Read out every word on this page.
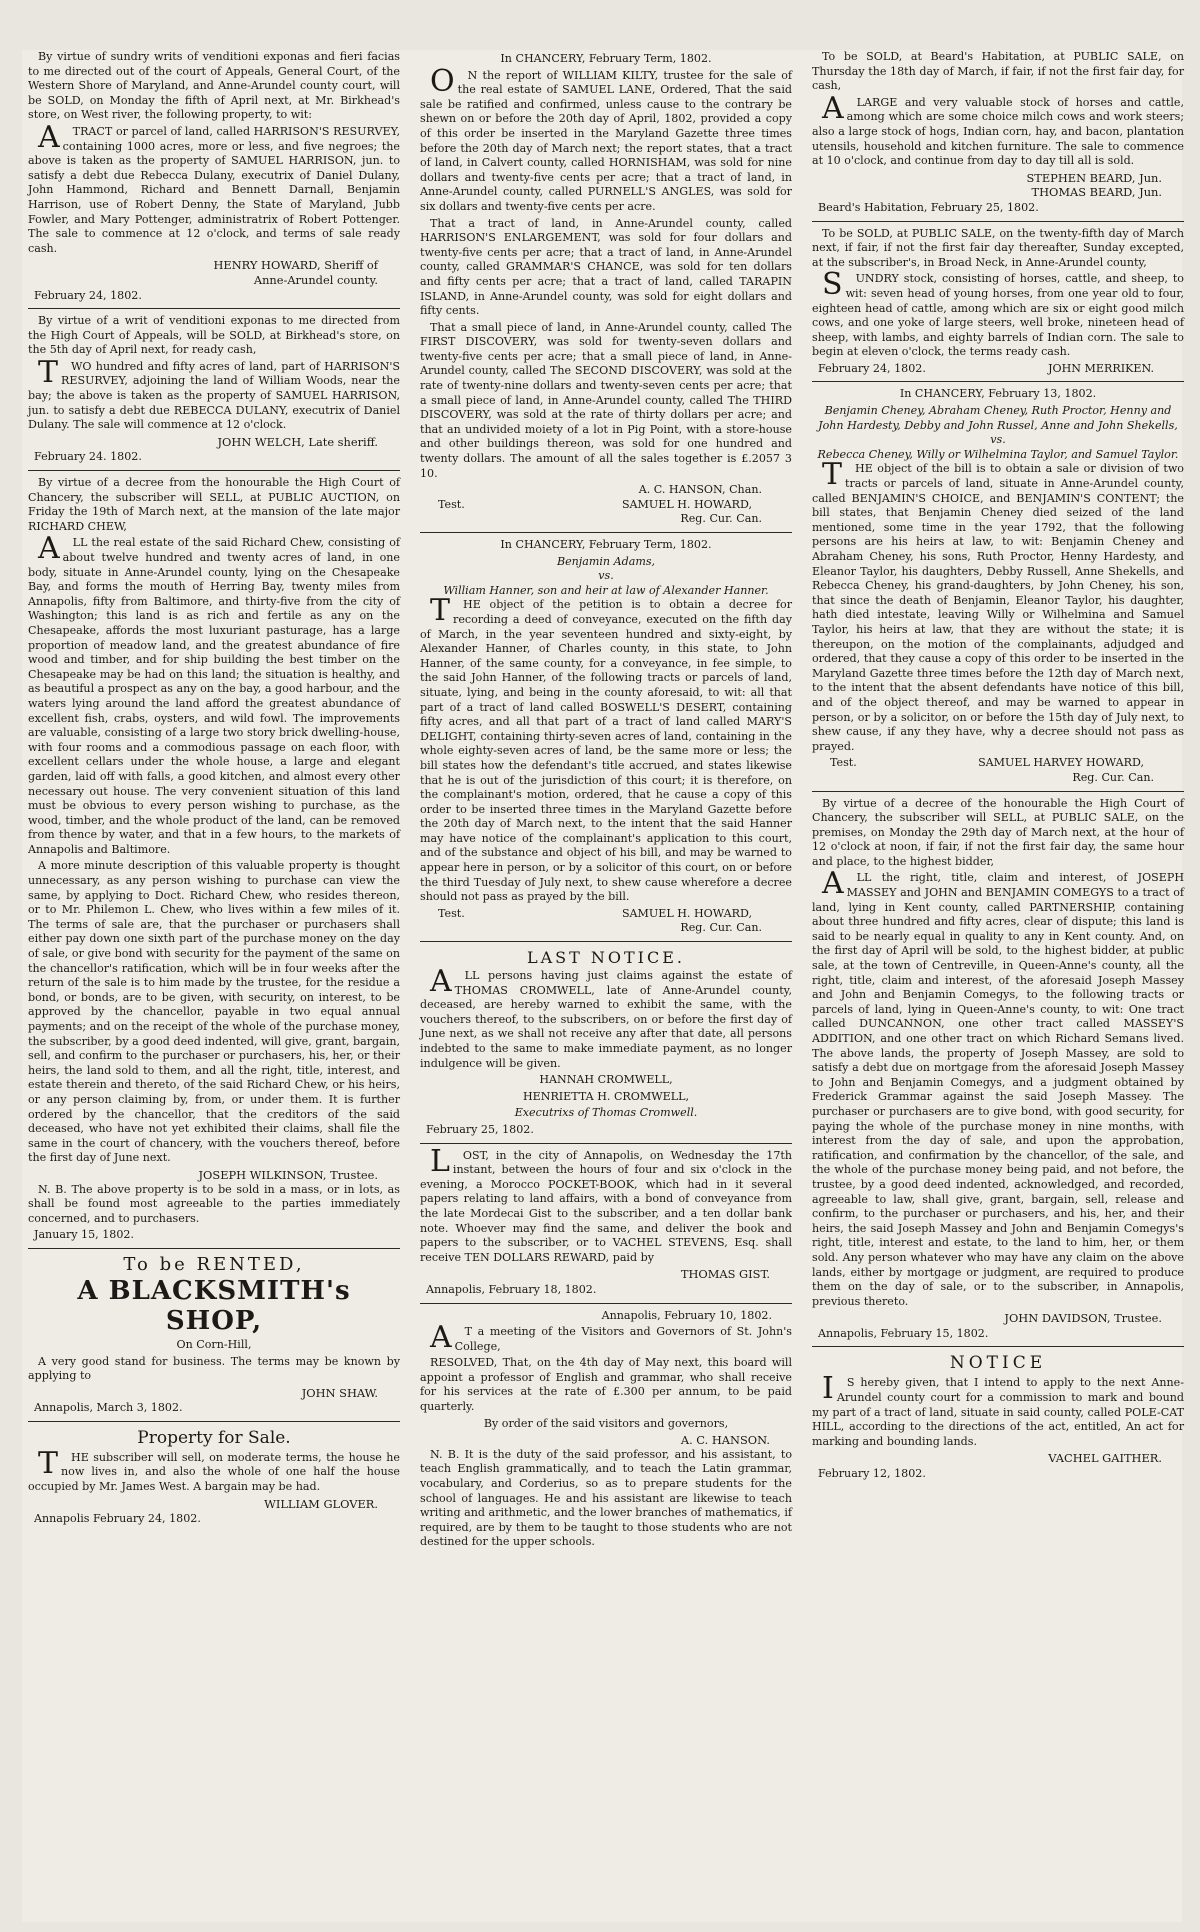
By virtue of sundry writs of venditioni exponas and fieri facias to me directed out of the court of Appeals, General Court, of the Western Shore of Maryland, and Anne-Arundel county court, will be SOLD, on Monday the fifth of April next, at Mr. Birkhead's store, on West river, the following property, to wit:

A TRACT or parcel of land, called HARRISON'S RESURVEY, containing 1000 acres, more or less, and five negroes; the above is taken as the property of SAMUEL HARRISON, jun. to satisfy a debt due Rebecca Dulany, executrix of Daniel Dulany, John Hammond, Richard and Bennett Darnall, Benjamin Harrison, use of Robert Denny, the State of Maryland, Jubb Fowler, and Mary Pottenger, administratrix of Robert Pottenger. The sale to commence at 12 o'clock, and terms of sale ready cash.

HENRY HOWARD, Sheriff of
Anne-Arundel county.
February 24, 1802.

By virtue of a writ of venditioni exponas to me directed from the High Court of Appeals, will be SOLD, at Birkhead's store, on the 5th day of April next, for ready cash,

T WO hundred and fifty acres of land, part of HARRISON'S RESURVEY, adjoining the land of William Woods, near the bay; the above is taken as the property of SAMUEL HARRISON, jun. to satisfy a debt due REBECCA DULANY, executrix of Daniel Dulany. The sale will commence at 12 o'clock.

JOHN WELCH, Late sheriff.
February 24. 1802.

By virtue of a decree from the honourable the High Court of Chancery, the subscriber will SELL, at PUBLIC AUCTION, on Friday the 19th of March next, at the mansion of the late major RICHARD CHEW,

A LL the real estate of the said Richard Chew, consisting of about twelve hundred and twenty acres of land, in one body, situate in Anne-Arundel county, lying on the Chesapeake Bay, and forms the mouth of Herring Bay, twenty miles from Annapolis, fifty from Baltimore, and thirty-five from the city of Washington; this land is as rich and fertile as any on the Chesapeake, affords the most luxuriant pasturage, has a large proportion of meadow land, and the greatest abundance of fire wood and timber, and for ship building the best timber on the Chesapeake may be had on this land; the situation is healthy, and as beautiful a prospect as any on the bay, a good harbour, and the waters lying around the land afford the greatest abundance of excellent fish, crabs, oysters, and wild fowl. The improvements are valuable, consisting of a large two story brick dwelling-house, with four rooms and a commodious passage on each floor, with excellent cellars under the whole house, a large and elegant garden, laid off with falls, a good kitchen, and almost every other necessary out house. The very convenient situation of this land must be obvious to every person wishing to purchase, as the wood, timber, and the whole product of the land, can be removed from thence by water, and that in a few hours, to the markets of Annapolis and Baltimore.

A more minute description of this valuable property is thought unnecessary, as any person wishing to purchase can view the same, by applying to Doct. Richard Chew, who resides thereon, or to Mr. Philemon L. Chew, who lives within a few miles of it. The terms of sale are, that the purchaser or purchasers shall either pay down one sixth part of the purchase money on the day of sale, or give bond with security for the payment of the same on the chancellor's ratification, which will be in four weeks after the return of the sale is to him made by the trustee, for the residue a bond, or bonds, are to be given, with security, on interest, to be approved by the chancellor, payable in two equal annual payments; and on the receipt of the whole of the purchase money, the subscriber, by a good deed indented, will give, grant, bargain, sell, and confirm to the purchaser or purchasers, his, her, or their heirs, the land sold to them, and all the right, title, interest, and estate therein and thereto, of the said Richard Chew, or his heirs, or any person claiming by, from, or under them. It is further ordered by the chancellor, that the creditors of the said deceased, who have not yet exhibited their claims, shall file the same in the court of chancery, with the vouchers thereof, before the first day of June next.

JOSEPH WILKINSON, Trustee.

N. B. The above property is to be sold in a mass, or in lots, as shall be found most agreeable to the parties immediately concerned, and to purchasers.

January 15, 1802.
To be RENTED,
A BLACKSMITH's SHOP,
On Corn-Hill,

A very good stand for business. The terms may be known by applying to

JOHN SHAW.
Annapolis, March 3, 1802.
Property for Sale.

T HE subscriber will sell, on moderate terms, the house he now lives in, and also the whole of one half the house occupied by Mr. James West. A bargain may be had.

WILLIAM GLOVER.
Annapolis February 24, 1802.
In CHANCERY, February Term, 1802.

O N the report of WILLIAM KILTY, trustee for the sale of the real estate of SAMUEL LANE, Ordered, That the said sale be ratified and confirmed, unless cause to the contrary be shewn on or before the 20th day of April, 1802, provided a copy of this order be inserted in the Maryland Gazette three times before the 20th day of March next; the report states, that a tract of land, in Calvert county, called HORNISHAM, was sold for nine dollars and twenty-five cents per acre; that a tract of land, in Anne-Arundel county, called PURNELL'S ANGLES, was sold for six dollars and twenty-five cents per acre.

That a tract of land, in Anne-Arundel county, called HARRISON'S ENLARGEMENT, was sold for four dollars and twenty-five cents per acre; that a tract of land, in Anne-Arundel county, called GRAMMAR'S CHANCE, was sold for ten dollars and fifty cents per acre; that a tract of land, called TARAPIN ISLAND, in Anne-Arundel county, was sold for eight dollars and fifty cents.

That a small piece of land, in Anne-Arundel county, called The FIRST DISCOVERY, was sold for twenty-seven dollars and twenty-five cents per acre; that a small piece of land, in Anne-Arundel county, called The SECOND DISCOVERY, was sold at the rate of twenty-nine dollars and twenty-seven cents per acre; that a small piece of land, in Anne-Arundel county, called The THIRD DISCOVERY, was sold at the rate of thirty dollars per acre; and that an undivided moiety of a lot in Pig Point, with a store-house and other buildings thereon, was sold for one hundred and twenty dollars. The amount of all the sales together is £.2057 3 10.

A. C. HANSON, Chan.
Test.	SAMUEL H. HOWARD,
Reg. Cur. Can.
In CHANCERY, February Term, 1802.
Benjamin Adams,
vs.
William Hanner, son and heir at law of Alexander Hanner.

T HE object of the petition is to obtain a decree for recording a deed of conveyance, executed on the fifth day of March, in the year seventeen hundred and sixty-eight, by Alexander Hanner, of Charles county, in this state, to John Hanner, of the same county, for a conveyance, in fee simple, to the said John Hanner, of the following tracts or parcels of land, situate, lying, and being in the county aforesaid, to wit: all that part of a tract of land called BOSWELL'S DESERT, containing fifty acres, and all that part of a tract of land called MARY'S DELIGHT, containing thirty-seven acres of land, containing in the whole eighty-seven acres of land, be the same more or less; the bill states how the defendant's title accrued, and states likewise that he is out of the jurisdiction of this court; it is therefore, on the complainant's motion, ordered, that he cause a copy of this order to be inserted three times in the Maryland Gazette before the 20th day of March next, to the intent that the said Hanner may have notice of the complainant's application to this court, and of the substance and object of his bill, and may be warned to appear here in person, or by a solicitor of this court, on or before the third Tuesday of July next, to shew cause wherefore a decree should not pass as prayed by the bill.

Test.	SAMUEL H. HOWARD,
Reg. Cur. Can.
LAST NOTICE.

A LL persons having just claims against the estate of THOMAS CROMWELL, late of Anne-Arundel county, deceased, are hereby warned to exhibit the same, with the vouchers thereof, to the subscribers, on or before the first day of June next, as we shall not receive any after that date, all persons indebted to the same to make immediate payment, as no longer indulgence will be given.

HANNAH CROMWELL,
HENRIETTA H. CROMWELL,
Executrixs of Thomas Cromwell.
February 25, 1802.

L OST, in the city of Annapolis, on Wednesday the 17th instant, between the hours of four and six o'clock in the evening, a Morocco POCKET-BOOK, which had in it several papers relating to land affairs, with a bond of conveyance from the late Mordecai Gist to the subscriber, and a ten dollar bank note. Whoever may find the same, and deliver the book and papers to the subscriber, or to VACHEL STEVENS, Esq. shall receive TEN DOLLARS REWARD, paid by

THOMAS GIST.
Annapolis, February 18, 1802.
Annapolis, February 10, 1802.

A T a meeting of the Visitors and Governors of St. John's College,

RESOLVED, That, on the 4th day of May next, this board will appoint a professor of English and grammar, who shall receive for his services at the rate of £.300 per annum, to be paid quarterly.

By order of the said visitors and governors,
A. C. HANSON.

N. B. It is the duty of the said professor, and his assistant, to teach English grammatically, and to teach the Latin grammar, vocabulary, and Corderius, so as to prepare students for the school of languages. He and his assistant are likewise to teach writing and arithmetic, and the lower branches of mathematics, if required, are by them to be taught to those students who are not destined for the upper schools.

To be SOLD, at Beard's Habitation, at PUBLIC SALE, on Thursday the 18th day of March, if fair, if not the first fair day, for cash,

A LARGE and very valuable stock of horses and cattle, among which are some choice milch cows and work steers; also a large stock of hogs, Indian corn, hay, and bacon, plantation utensils, household and kitchen furniture. The sale to commence at 10 o'clock, and continue from day to day till all is sold.

STEPHEN BEARD, Jun.
THOMAS BEARD, Jun.
Beard's Habitation, February 25, 1802.

To be SOLD, at PUBLIC SALE, on the twenty-fifth day of March next, if fair, if not the first fair day thereafter, Sunday excepted, at the subscriber's, in Broad Neck, in Anne-Arundel county,

S UNDRY stock, consisting of horses, cattle, and sheep, to wit: seven head of young horses, from one year old to four, eighteen head of cattle, among which are six or eight good milch cows, and one yoke of large steers, well broke, nineteen head of sheep, with lambs, and eighty barrels of Indian corn. The sale to begin at eleven o'clock, the terms ready cash.

February 24, 1802.	JOHN MERRIKEN.
In CHANCERY, February 13, 1802.
Benjamin Cheney, Abraham Cheney, Ruth Proctor, Henny and John Hardesty, Debby and John Russel, Anne and John Shekells,
vs.
Rebecca Cheney, Willy or Wilhelmina Taylor, and Samuel Taylor.

T HE object of the bill is to obtain a sale or division of two tracts or parcels of land, situate in Anne-Arundel county, called BENJAMIN'S CHOICE, and BENJAMIN'S CONTENT; the bill states, that Benjamin Cheney died seized of the land mentioned, some time in the year 1792, that the following persons are his heirs at law, to wit: Benjamin Cheney and Abraham Cheney, his sons, Ruth Proctor, Henny Hardesty, and Eleanor Taylor, his daughters, Debby Russell, Anne Shekells, and Rebecca Cheney, his grand-daughters, by John Cheney, his son, that since the death of Benjamin, Eleanor Taylor, his daughter, hath died intestate, leaving Willy or Wilhelmina and Samuel Taylor, his heirs at law, that they are without the state; it is thereupon, on the motion of the complainants, adjudged and ordered, that they cause a copy of this order to be inserted in the Maryland Gazette three times before the 12th day of March next, to the intent that the absent defendants have notice of this bill, and of the object thereof, and may be warned to appear in person, or by a solicitor, on or before the 15th day of July next, to shew cause, if any they have, why a decree should not pass as prayed.

Test.	SAMUEL HARVEY HOWARD,
Reg. Cur. Can.

By virtue of a decree of the honourable the High Court of Chancery, the subscriber will SELL, at PUBLIC SALE, on the premises, on Monday the 29th day of March next, at the hour of 12 o'clock at noon, if fair, if not the first fair day, the same hour and place, to the highest bidder,

A LL the right, title, claim and interest, of JOSEPH MASSEY and JOHN and BENJAMIN COMEGYS to a tract of land, lying in Kent county, called PARTNERSHIP, containing about three hundred and fifty acres, clear of dispute; this land is said to be nearly equal in quality to any in Kent county. And, on the first day of April will be sold, to the highest bidder, at public sale, at the town of Centreville, in Queen-Anne's county, all the right, title, claim and interest, of the aforesaid Joseph Massey and John and Benjamin Comegys, to the following tracts or parcels of land, lying in Queen-Anne's county, to wit: One tract called DUNCANNON, one other tract called MASSEY'S ADDITION, and one other tract on which Richard Semans lived. The above lands, the property of Joseph Massey, are sold to satisfy a debt due on mortgage from the aforesaid Joseph Massey to John and Benjamin Comegys, and a judgment obtained by Frederick Grammar against the said Joseph Massey. The purchaser or purchasers are to give bond, with good security, for paying the whole of the purchase money in nine months, with interest from the day of sale, and upon the approbation, ratification, and confirmation by the chancellor, of the sale, and the whole of the purchase money being paid, and not before, the trustee, by a good deed indented, acknowledged, and recorded, agreeable to law, shall give, grant, bargain, sell, release and confirm, to the purchaser or purchasers, and his, her, and their heirs, the said Joseph Massey and John and Benjamin Comegys's right, title, interest and estate, to the land to him, her, or them sold. Any person whatever who may have any claim on the above lands, either by mortgage or judgment, are required to produce them on the day of sale, or to the subscriber, in Annapolis, previous thereto.

JOHN DAVIDSON, Trustee.
Annapolis, February 15, 1802.
NOTICE

I S hereby given, that I intend to apply to the next Anne-Arundel county court for a commission to mark and bound my part of a tract of land, situate in said county, called POLE-CAT HILL, according to the directions of the act, entitled, An act for marking and bounding lands.

VACHEL GAITHER.
February 12, 1802.
